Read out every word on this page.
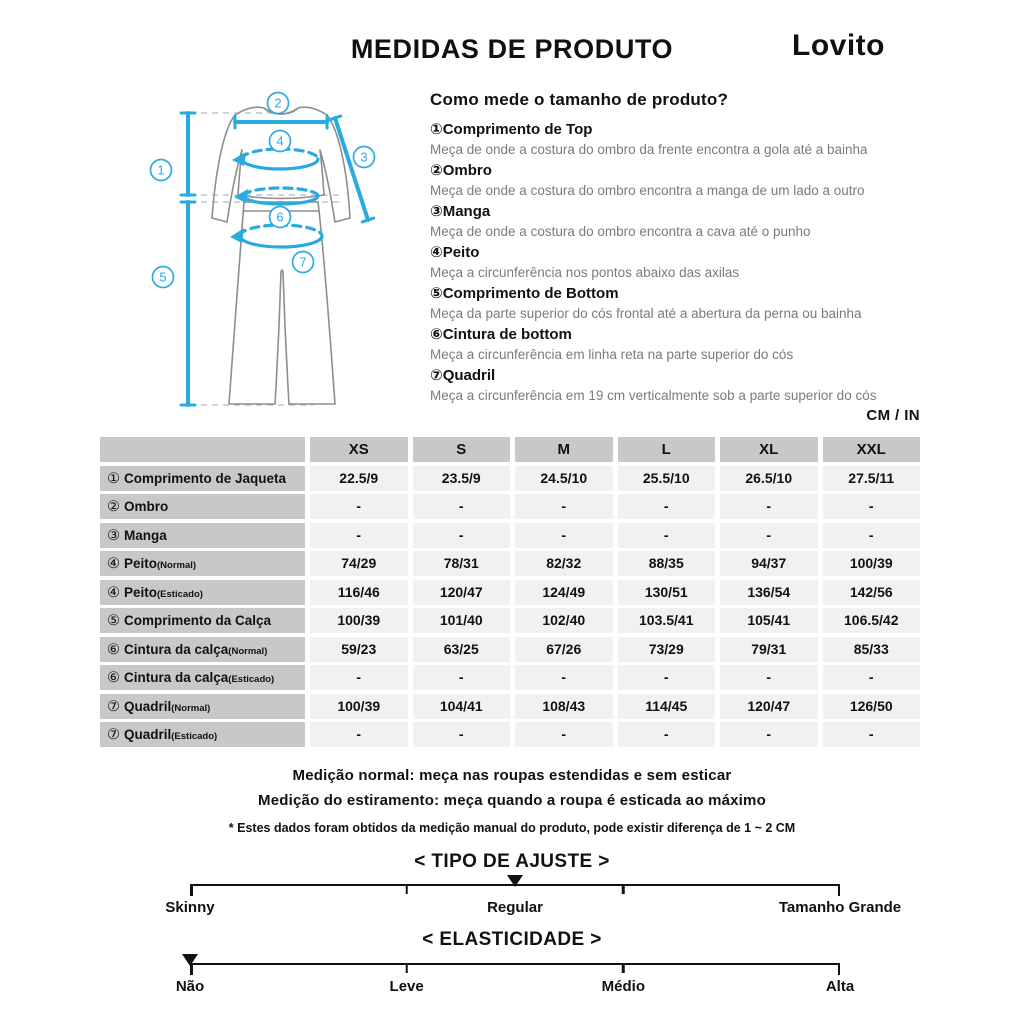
MEDIDAS DE PRODUTO	Lovito
1
2
3
4
5
6
7
Como mede o tamanho de produto?
①Comprimento de Top
Meça de onde a costura do ombro da frente encontra a gola até a bainha
②Ombro
Meça de onde a costura do ombro encontra a manga de um lado a outro
③Manga
Meça de onde a costura do ombro encontra a cava até o punho
④Peito
Meça a circunferência nos pontos abaixo das axilas
⑤Comprimento de Bottom
Meça da parte superior do cós frontal até a abertura da perna ou bainha
⑥Cintura de bottom
Meça a circunferência em linha reta na parte superior do cós
⑦Quadril
Meça a circunferência em 19 cm verticalmente sob a parte superior do cós
CM / IN
XS	S	M	L	XL	XXL
① Comprimento de Jaqueta	22.5/9	23.5/9	24.5/10	25.5/10	26.5/10	27.5/11
② Ombro	-	-	-	-	-	-
③ Manga	-	-	-	-	-	-
④ Peito(Normal)	74/29	78/31	82/32	88/35	94/37	100/39
④ Peito(Esticado)	116/46	120/47	124/49	130/51	136/54	142/56
⑤ Comprimento da Calça	100/39	101/40	102/40	103.5/41	105/41	106.5/42
⑥ Cintura da calça(Normal)	59/23	63/25	67/26	73/29	79/31	85/33
⑥ Cintura da calça(Esticado)	-	-	-	-	-	-
⑦ Quadril(Normal)	100/39	104/41	108/43	114/45	120/47	126/50
⑦ Quadril(Esticado)	-	-	-	-	-	-
Medição normal: meça nas roupas estendidas e sem esticar
Medição do estiramento: meça quando a roupa é esticada ao máximo
* Estes dados foram obtidos da medição manual do produto, pode existir diferença de 1 ~ 2 CM
< TIPO DE AJUSTE >
Skinny	Regular	Tamanho Grande
< ELASTICIDADE >
Não	Leve	Médio	Alta
